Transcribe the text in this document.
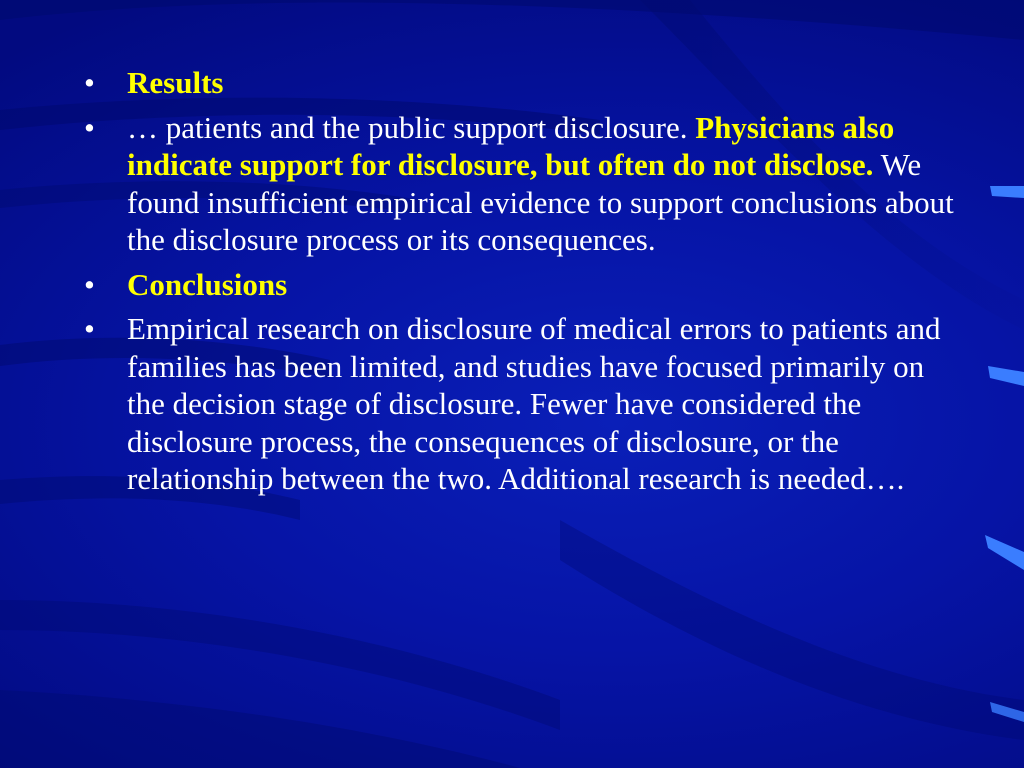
•	Results
•	… patients and the public support disclosure. Physicians also indicate support for disclosure, but often do not disclose. We found insufficient empirical evidence to support conclusions about the disclosure process or its consequences.
•	Conclusions
•	Empirical research on disclosure of medical errors to patients and families has been limited, and studies have focused primarily on the decision stage of disclosure. Fewer have considered the disclosure process, the consequences of disclosure, or the relationship between the two. Additional research is needed….
